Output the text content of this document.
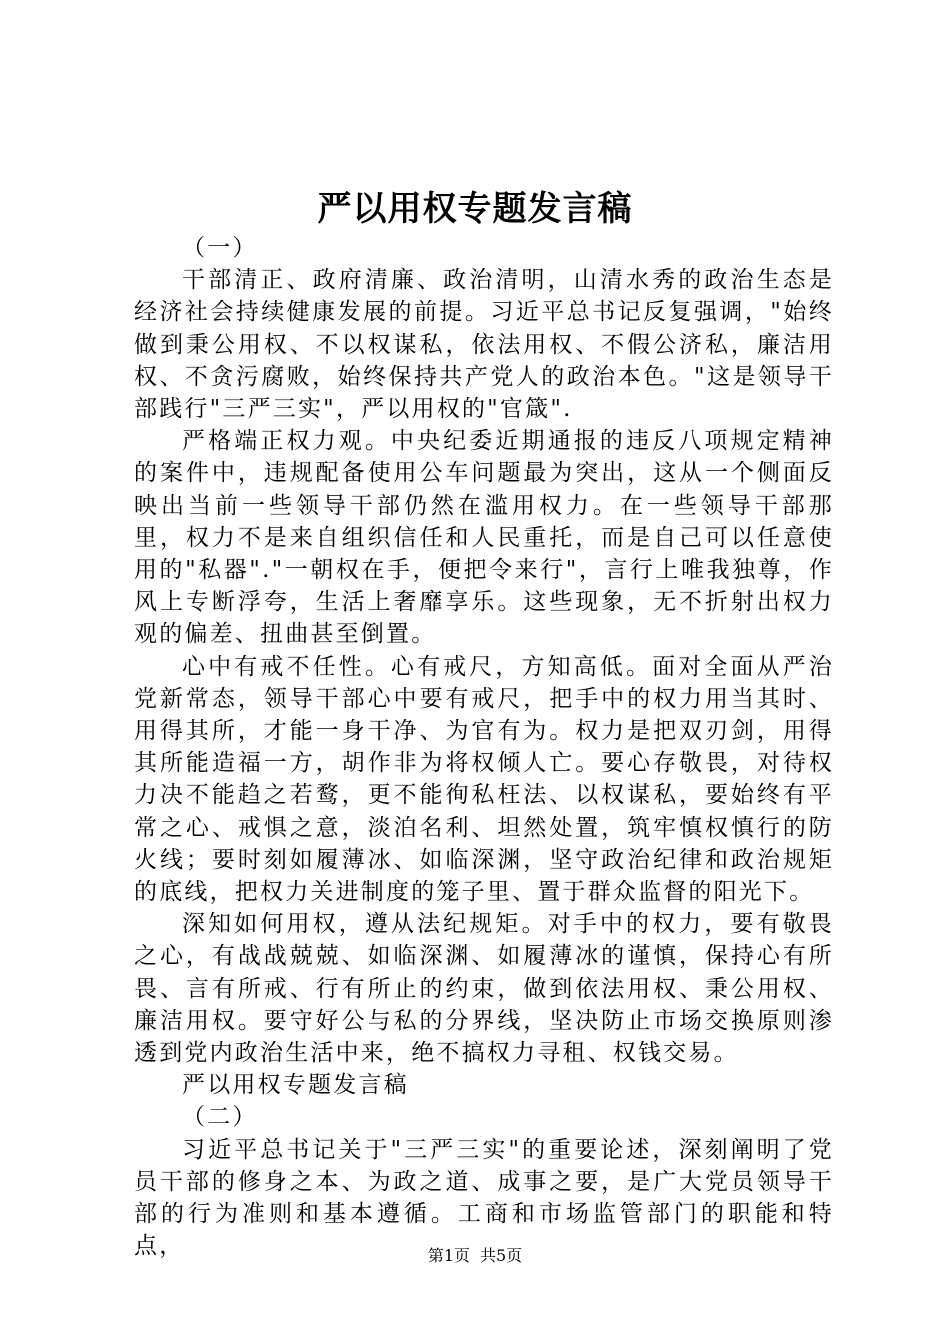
严以用权专题发言稿

（一）

干部清正、政府清廉、政治清明，山清水秀的政治生态是经济社会持续健康发展的前提。习近平总书记反复强调，"始终做到秉公用权、不以权谋私，依法用权、不假公济私，廉洁用权、不贪污腐败，始终保持共产党人的政治本色。"这是领导干部践行"三严三实"，严以用权的"官箴".

严格端正权力观。中央纪委近期通报的违反八项规定精神的案件中，违规配备使用公车问题最为突出，这从一个侧面反映出当前一些领导干部仍然在滥用权力。在一些领导干部那里，权力不是来自组织信任和人民重托，而是自己可以任意使用的"私器"."一朝权在手，便把令来行"，言行上唯我独尊，作风上专断浮夸，生活上奢靡享乐。这些现象，无不折射出权力观的偏差、扭曲甚至倒置。

心中有戒不任性。心有戒尺，方知高低。面对全面从严治党新常态，领导干部心中要有戒尺，把手中的权力用当其时、用得其所，才能一身干净、为官有为。权力是把双刃剑，用得其所能造福一方，胡作非为将权倾人亡。要心存敬畏，对待权力决不能趋之若鹜，更不能徇私枉法、以权谋私，要始终有平常之心、戒惧之意，淡泊名利、坦然处置，筑牢慎权慎行的防火线；要时刻如履薄冰、如临深渊，坚守政治纪律和政治规矩的底线，把权力关进制度的笼子里、置于群众监督的阳光下。

深知如何用权，遵从法纪规矩。对手中的权力，要有敬畏之心，有战战兢兢、如临深渊、如履薄冰的谨慎，保持心有所畏、言有所戒、行有所止的约束，做到依法用权、秉公用权、廉洁用权。要守好公与私的分界线，坚决防止市场交换原则渗透到党内政治生活中来，绝不搞权力寻租、权钱交易。

严以用权专题发言稿

（二）

习近平总书记关于"三严三实"的重要论述，深刻阐明了党员干部的修身之本、为政之道、成事之要，是广大党员领导干部的行为准则和基本遵循。工商和市场监管部门的职能和特点，	第1页 共5页
